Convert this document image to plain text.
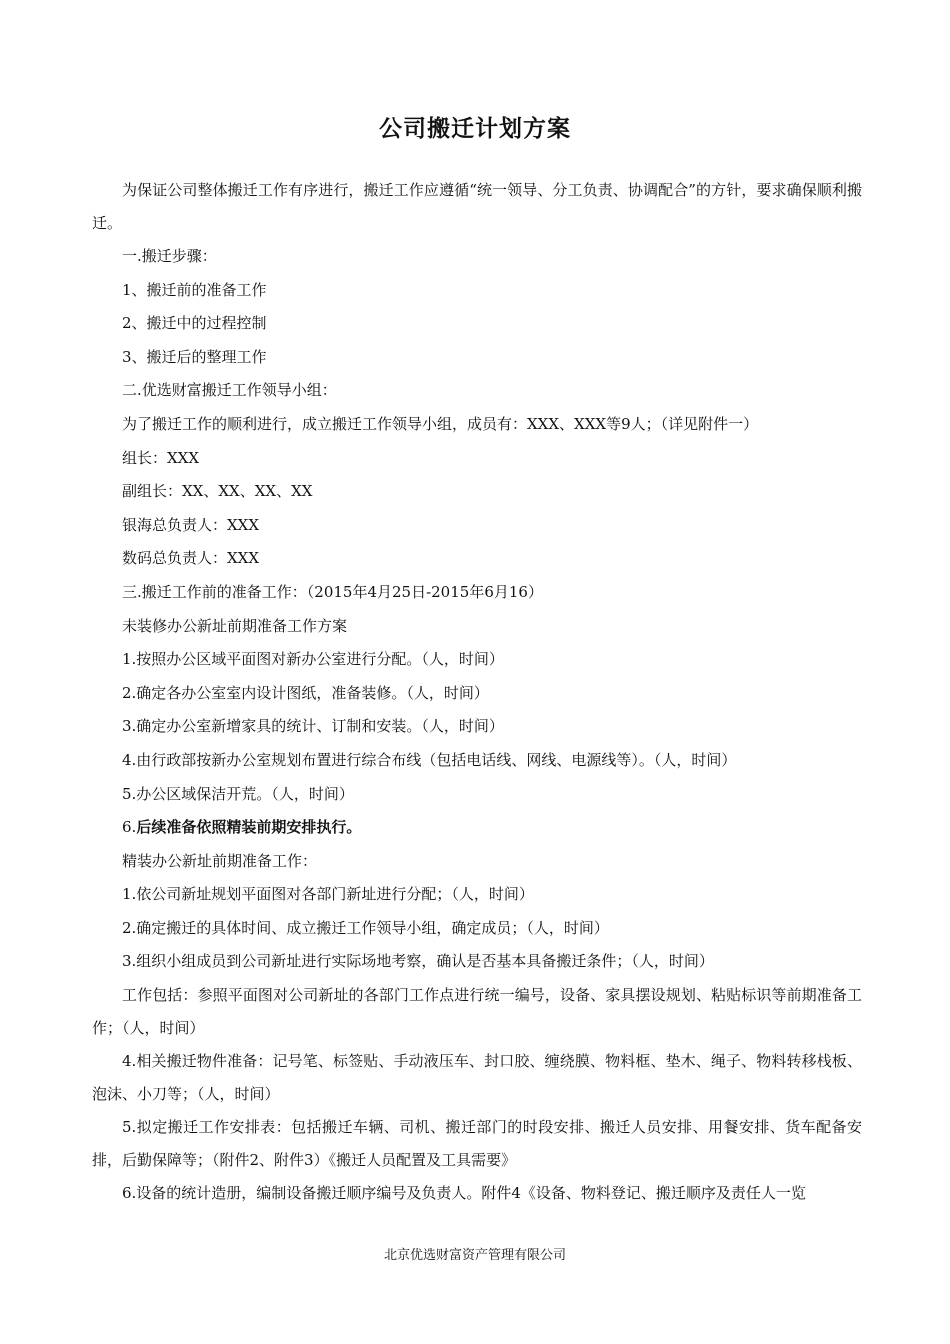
公司搬迁计划方案

为保证公司整体搬迁工作有序进行，搬迁工作应遵循“统一领导、分工负责、协调配合”的方针，要求确保顺利搬迁。

一.搬迁步骤：
1、搬迁前的准备工作
2、搬迁中的过程控制
3、搬迁后的整理工作
二.优选财富搬迁工作领导小组：
为了搬迁工作的顺利进行，成立搬迁工作领导小组，成员有：XXX、XXX等9人；（详见附件一）
组长：XXX
副组长：XX、XX、XX、XX
银海总负责人：XXX
数码总负责人：XXX
三.搬迁工作前的准备工作：（2015年4月25日-2015年6月16）
未装修办公新址前期准备工作方案
1.按照办公区域平面图对新办公室进行分配。（人，时间）
2.确定各办公室室内设计图纸，准备装修。（人，时间）
3.确定办公室新增家具的统计、订制和安装。（人，时间）
4.由行政部按新办公室规划布置进行综合布线（包括电话线、网线、电源线等）。（人，时间）
5.办公区域保洁开荒。（人，时间）
6.后续准备依照精装前期安排执行。
精装办公新址前期准备工作：
1.依公司新址规划平面图对各部门新址进行分配；（人，时间）
2.确定搬迁的具体时间、成立搬迁工作领导小组，确定成员；（人，时间）
3.组织小组成员到公司新址进行实际场地考察，确认是否基本具备搬迁条件；（人，时间）

工作包括：参照平面图对公司新址的各部门工作点进行统一编号，设备、家具摆设规划、粘贴标识等前期准备工作；（人，时间）

4.相关搬迁物件准备：记号笔、标签贴、手动液压车、封口胶、缠绕膜、物料框、垫木、绳子、物料转移栈板、泡沫、小刀等；（人，时间）

5.拟定搬迁工作安排表：包括搬迁车辆、司机、搬迁部门的时段安排、搬迁人员安排、用餐安排、货车配备安排，后勤保障等；（附件2、附件3）《搬迁人员配置及工具需要》

6.设备的统计造册，编制设备搬迁顺序编号及负责人。附件4《设备、物料登记、搬迁顺序及责任人一览
北京优选财富资产管理有限公司
